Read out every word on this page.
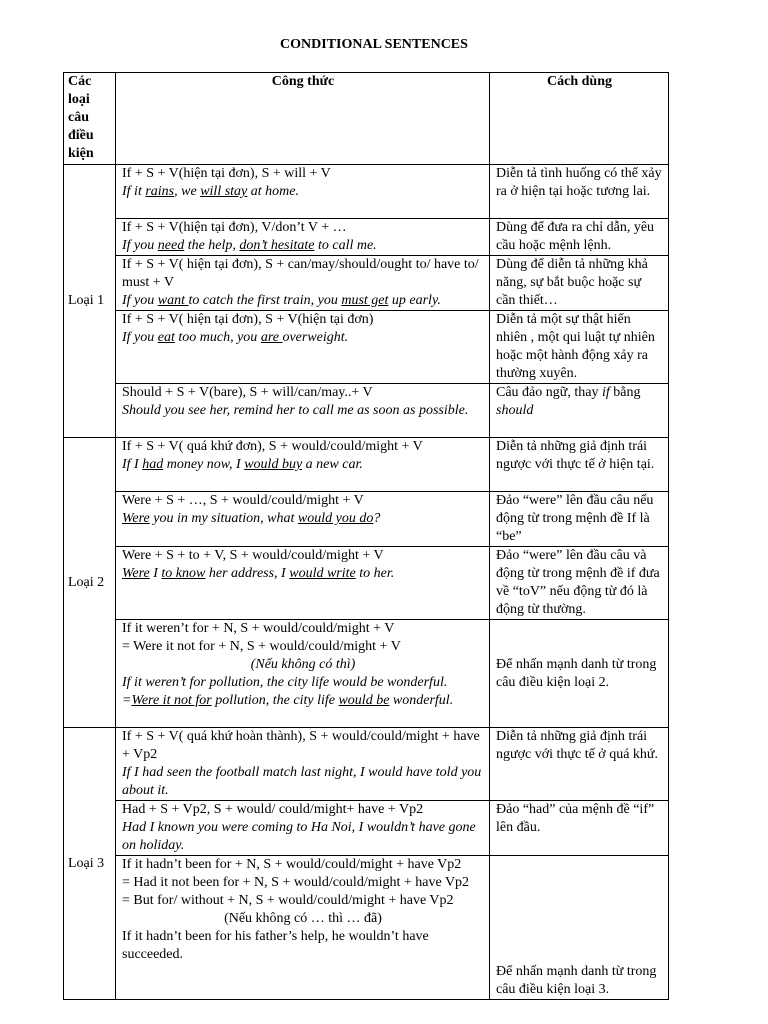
CONDITIONAL SENTENCES
Các loại câu điều kiện	Công thức	Cách dùng
Loại 1	If + S + V(hiện tại đơn), S + will + V
If it rains, we will stay at home.	Diễn tả tình huống có thể xảy ra ở hiện tại hoặc tương lai.

	If + S + V(hiện tại đơn), V/don’t V + …
If you need the help, don’t hesitate to call me.	Dùng để đưa ra chỉ dẫn, yêu cầu hoặc mệnh lệnh.

	If + S + V( hiện tại đơn), S + can/may/should/ought to/ have to/ must + V
If you want to catch the first train, you must get up early.	Dùng để diễn tả những khả năng, sự bắt buộc hoặc sự cần thiết…

	If + S + V( hiện tại đơn), S + V(hiện tại đơn)
If you eat too much, you are overweight.	Diễn tả một sự thật hiển nhiên , một qui luật tự nhiên hoặc một hành động xảy ra thường xuyên.

	Should + S + V(bare), S + will/can/may..+ V
Should you see her, remind her to call me as soon as possible.	Câu đảo ngữ, thay if bằng should
Loại 2	If + S + V( quá khứ đơn), S + would/could/might + V
If I had money now, I would buy a new car.	Diễn tả những giả định trái ngược với thực tế ở hiện tại.

	Were + S + …, S + would/could/might + V
Were you in my situation, what would you do?	Đảo “were” lên đầu câu nếu động từ trong mệnh đề If là “be”

	Were + S + to + V, S + would/could/might + V
Were I to know her address, I would write to her.	Đảo “were” lên đầu câu và động từ trong mệnh đề if đưa về “toV” nếu động từ đó là động từ thường.

	If it weren’t for + N, S + would/could/might + V
= Were it not for + N, S + would/could/might + V
(Nếu không có thì)
If it weren’t for pollution, the city life would be wonderful.
=Were it not for pollution, the city life would be wonderful.	Để nhấn mạnh danh từ trong câu điều kiện loại 2.
Loại 3	If + S + V( quá khứ hoàn thành), S + would/could/might + have + Vp2
If I had seen the football match last night, I would have told you about it.	Diễn tả những giả định trái ngược với thực tế ở quá khứ.

	Had + S + Vp2, S + would/ could/might+ have + Vp2
Had I known you were coming to Ha Noi, I wouldn’t have gone on holiday.	Đảo “had” của mệnh đề “if” lên đầu.

	If it hadn’t been for + N, S + would/could/might + have Vp2
= Had it not been for + N, S + would/could/might + have Vp2
= But for/ without + N, S + would/could/might + have Vp2
(Nếu không có … thì … đã)
If it hadn’t been for his father’s help, he wouldn’t have succeeded.	Để nhấn mạnh danh từ trong câu điều kiện loại 3.
